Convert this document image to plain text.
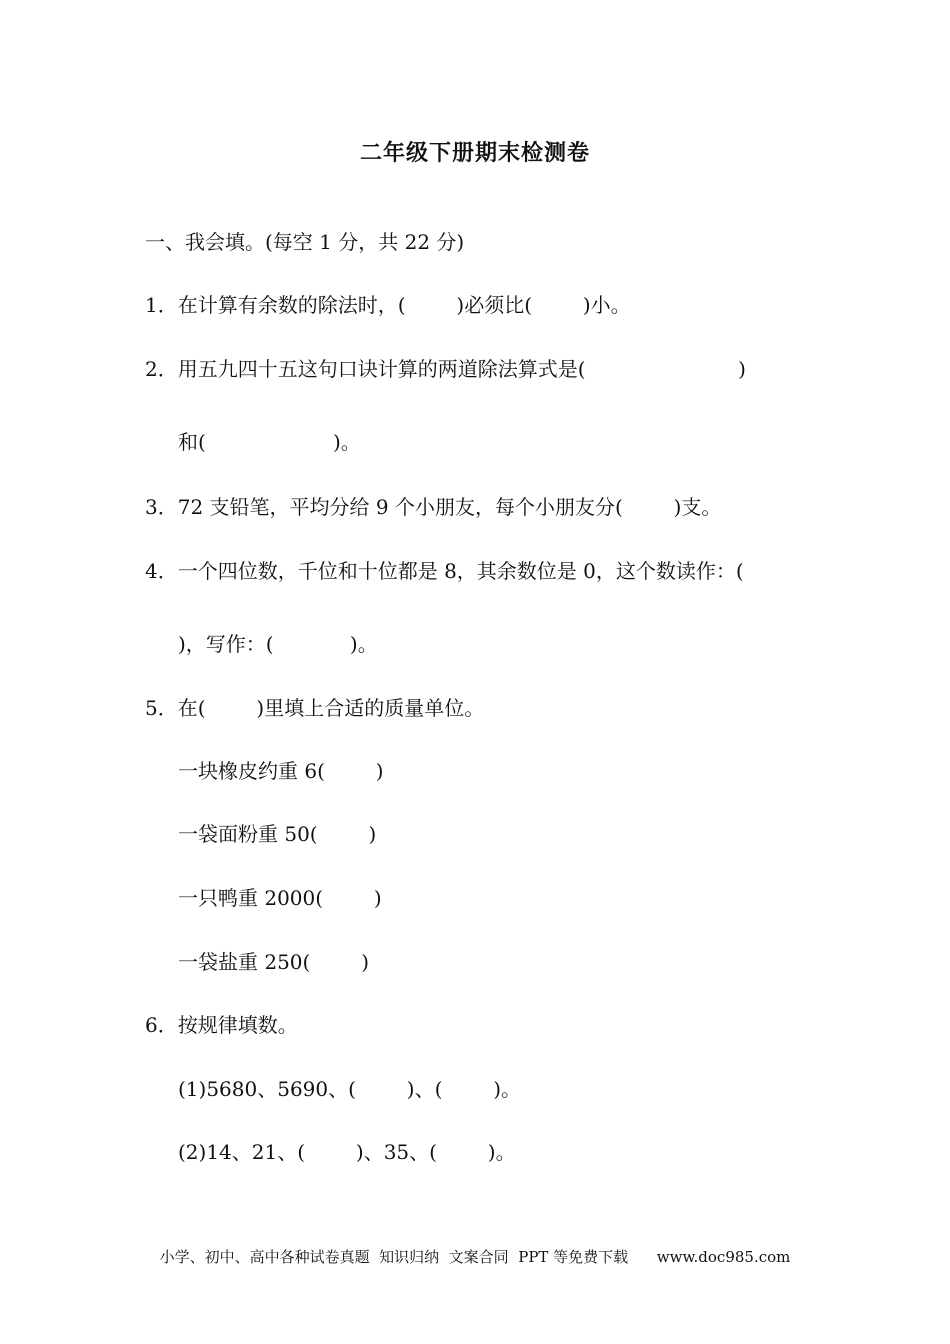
二年级下册期末检测卷
一、我会填。(每空 1 分，共 22 分)
1．在计算有余数的除法时，(        )必须比(        )小。
2．用五九四十五这句口诀计算的两道除法算式是(                        )
和(                    )。
3．72 支铅笔，平均分给 9 个小朋友，每个小朋友分(        )支。
4．一个四位数，千位和十位都是 8，其余数位是 0，这个数读作：(
)，写作：(            )。
5．在(        )里填上合适的质量单位。
一块橡皮约重 6(        )
一袋面粉重 50(        )
一只鸭重 2000(        )
一袋盐重 250(        )
6．按规律填数。
(1)5680、5690、(        )、(        )。
(2)14、21、(        )、35、(        )。
小学、初中、高中各种试卷真题  知识归纳  文案合同  PPT 等免费下载      www.doc985.com
